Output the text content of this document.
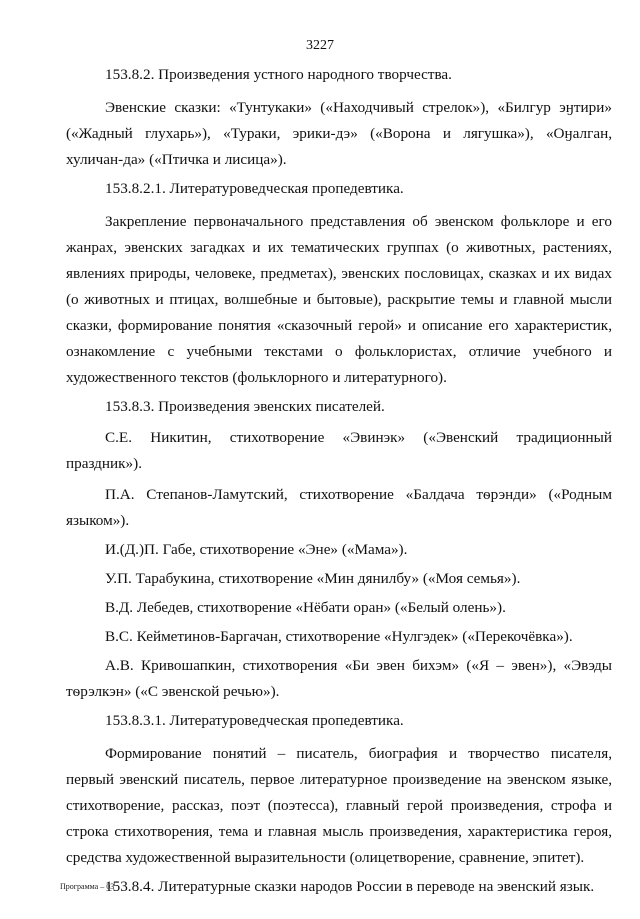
3227

153.8.2. Произведения устного народного творчества.

Эвенские сказки: «Тунтукаки» («Находчивый стрелок»), «Билгур эӈтири» («Жадный глухарь»), «Тураки, эрики-дэ» («Ворона и лягушка»), «Оӈалган, хуличан-да» («Птичка и лисица»).

153.8.2.1. Литературоведческая пропедевтика.

Закрепление первоначального представления об эвенском фольклоре и его жанрах, эвенских загадках и их тематических группах (о животных, растениях, явлениях природы, человеке, предметах), эвенских пословицах, сказках и их видах (о животных и птицах, волшебные и бытовые), раскрытие темы и главной мысли сказки, формирование понятия «сказочный герой» и описание его характеристик, ознакомление с учебными текстами о фольклористах, отличие учебного и художественного текстов (фольклорного и литературного).

153.8.3. Произведения эвенских писателей.

С.Е. Никитин, стихотворение «Эвинэк» («Эвенский традиционный праздник»).

П.А. Степанов-Ламутский, стихотворение «Балдача тѳрэнди» («Родным языком»).

И.(Д.)П. Габе, стихотворение «Эне» («Мама»).

У.П. Тарабукина, стихотворение «Мин дянилбу» («Моя семья»).

В.Д. Лебедев, стихотворение «Нёбати оран» («Белый олень»).

В.С. Кейметинов-Баргачан, стихотворение «Нулгэдек» («Перекочёвка»).

А.В. Кривошапкин, стихотворения «Би эвен бихэм» («Я – эвен»), «Эвэды тѳрэлкэн» («С эвенской речью»).

153.8.3.1. Литературоведческая пропедевтика.

Формирование понятий – писатель, биография и творчество писателя, первый эвенский писатель, первое литературное произведение на эвенском языке, стихотворение, рассказ, поэт (поэтесса), главный герой произведения, строфа и строка стихотворения, тема и главная мысль произведения, характеристика героя, средства художественной выразительности (олицетворение, сравнение, эпитет).

153.8.4. Литературные сказки народов России в переводе на эвенский язык.

Программа – 03
